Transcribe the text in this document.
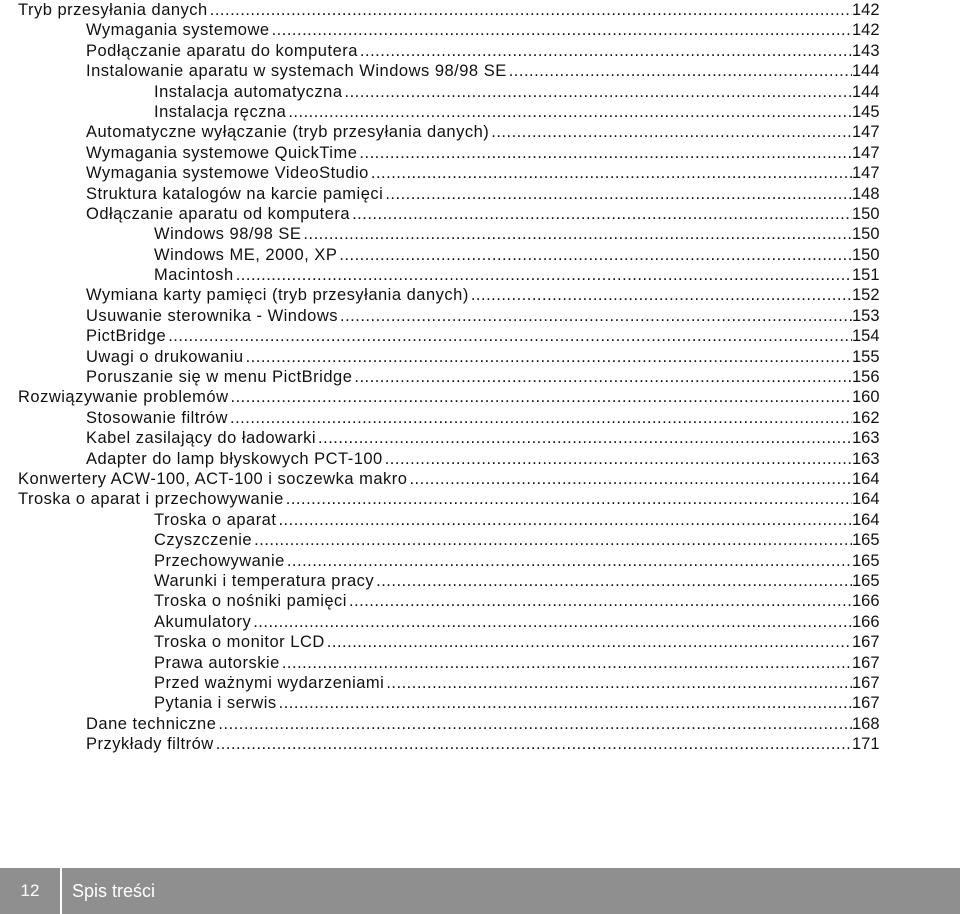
Tryb przesyłania danych .....	142
Wymagania systemowe .....	142
Podłączanie aparatu do komputera .....	143
Instalowanie aparatu w systemach Windows 98/98 SE .....	144
Instalacja automatyczna .....	144
Instalacja ręczna .....	145
Automatyczne wyłączanie (tryb przesyłania danych) .....	147
Wymagania systemowe QuickTime .....	147
Wymagania systemowe VideoStudio .....	147
Struktura katalogów na karcie pamięci .....	148
Odłączanie aparatu od komputera .....	150
Windows 98/98 SE .....	150
Windows ME, 2000, XP .....	150
Macintosh .....	151
Wymiana karty pamięci (tryb przesyłania danych) .....	152
Usuwanie sterownika - Windows .....	153
PictBridge .....	154
Uwagi o drukowaniu .....	155
Poruszanie się w menu PictBridge .....	156
Rozwiązywanie problemów .....	160
Stosowanie filtrów .....	162
Kabel zasilający do ładowarki .....	163
Adapter do lamp błyskowych PCT-100 .....	163
Konwertery ACW-100, ACT-100 i soczewka makro .....	164
Troska o aparat i przechowywanie .....	164
Troska o aparat .....	164
Czyszczenie .....	165
Przechowywanie .....	165
Warunki i temperatura pracy .....	165
Troska o nośniki pamięci .....	166
Akumulatory .....	166
Troska o monitor LCD .....	167
Prawa autorskie .....	167
Przed ważnymi wydarzeniami .....	167
Pytania i serwis .....	167
Dane techniczne .....	168
Przykłady filtrów .....	171
12	Spis treści
